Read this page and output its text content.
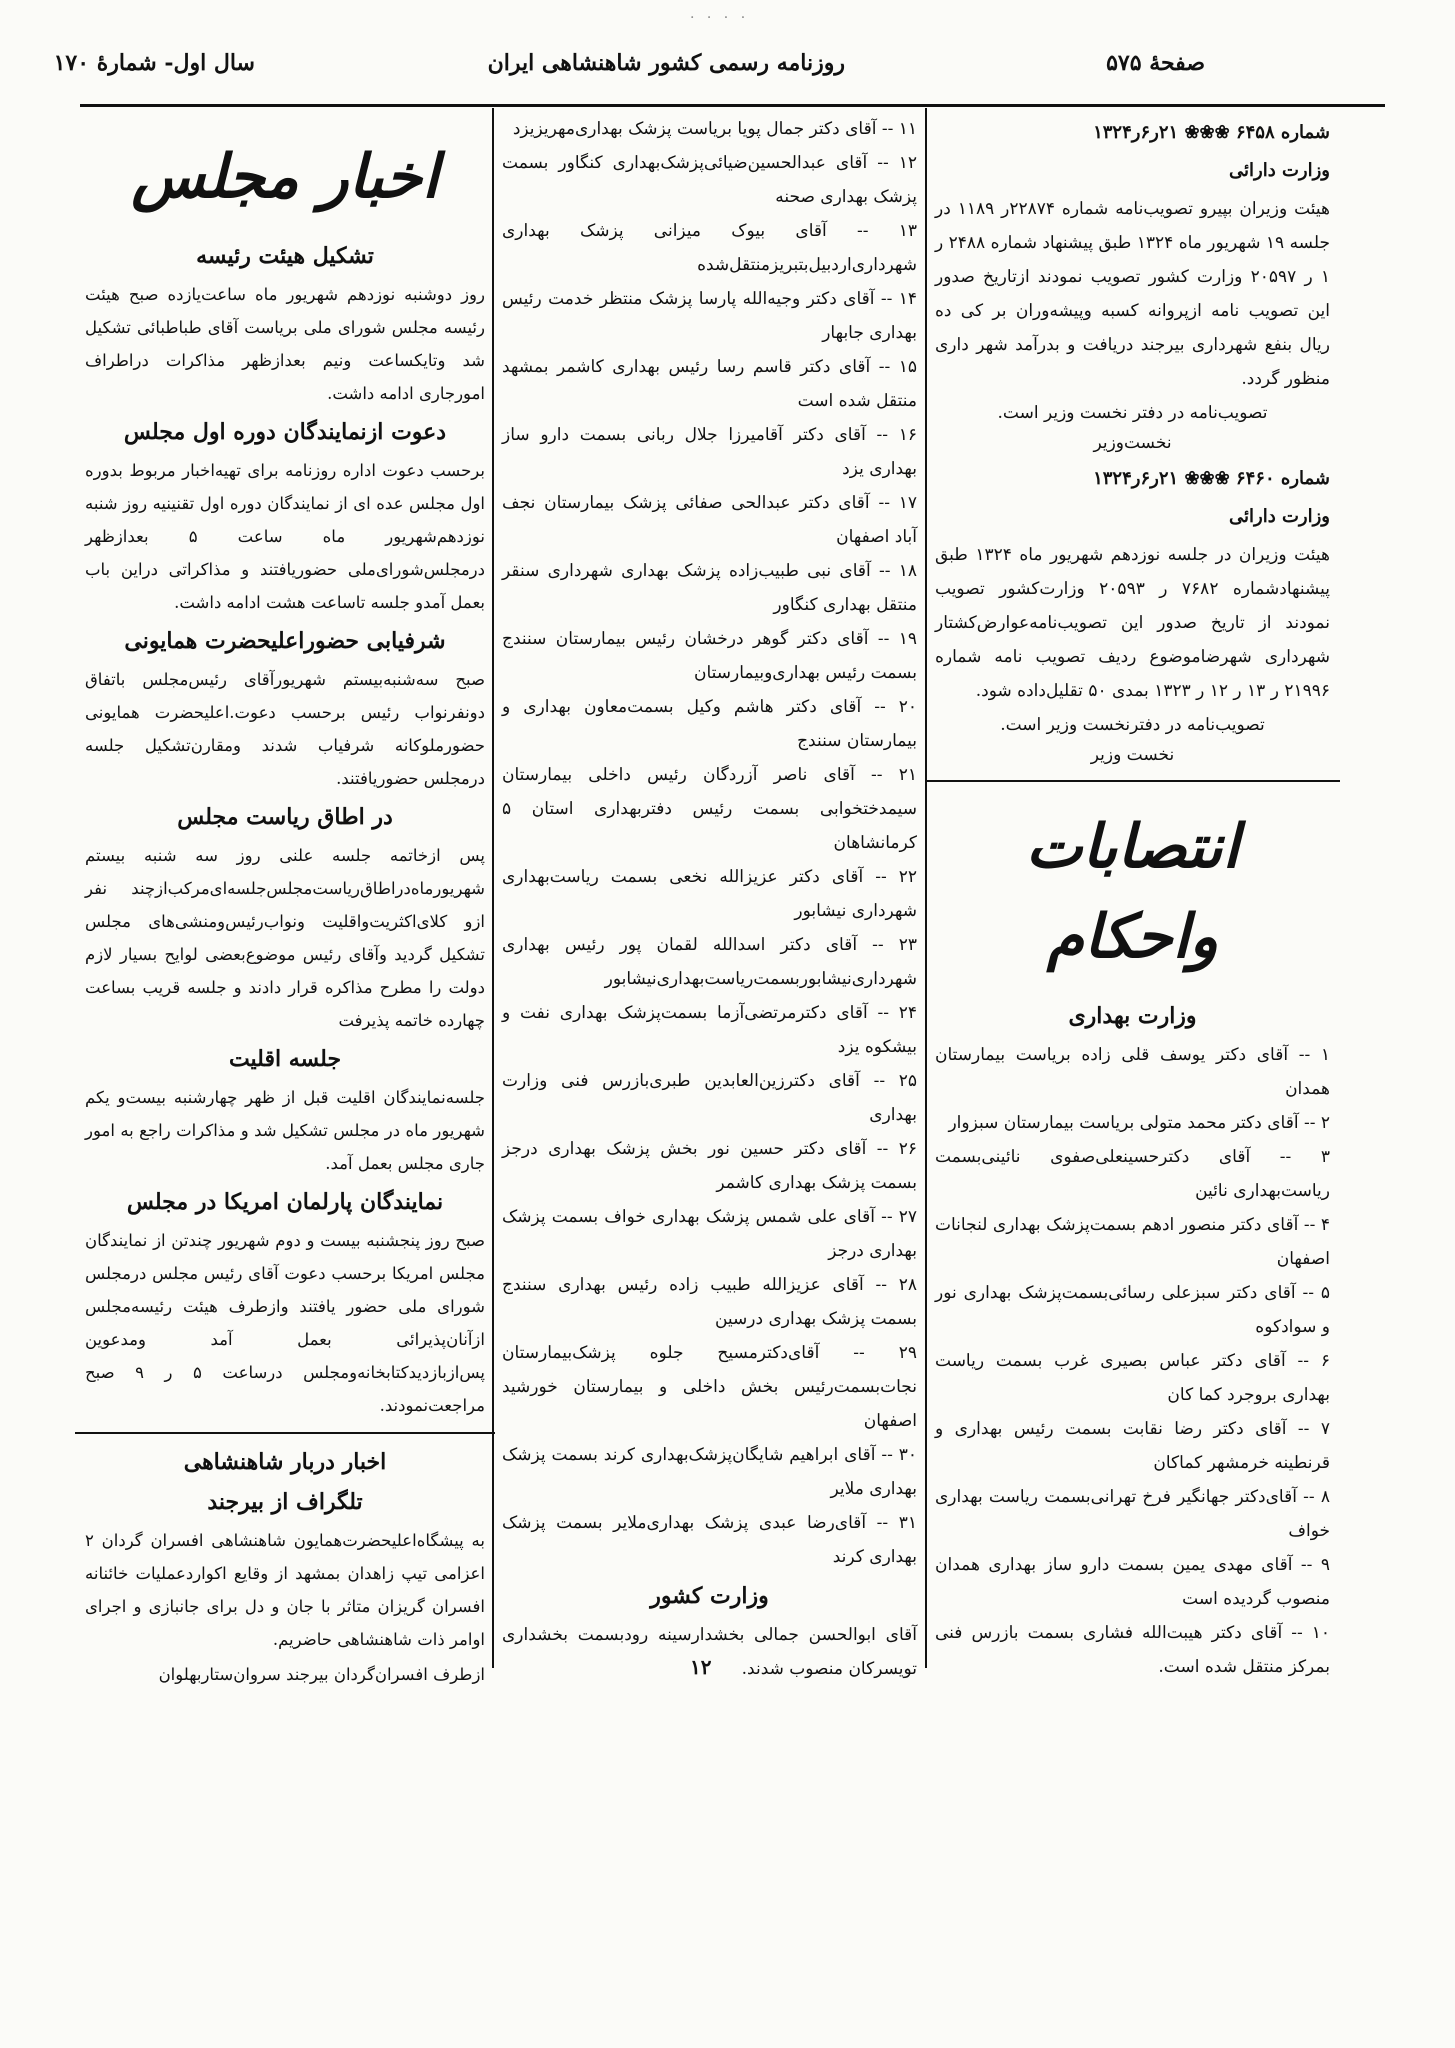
· · · ·
صفحهٔ ۵۷۵
روزنامه رسمی کشور شاهنشاهی ایران
سال اول- شمارهٔ ۱۷۰
شماره ۶۴۵۸ ❀❀❀ ۲۱ر۶ر۱۳۲۴
وزارت دارائی

هیئت وزیران بپیرو تصویب‌نامه شماره ۲۲۸۷۴ر ۱۱۸۹ در جلسه ۱۹ شهریور ماه ۱۳۲۴ طبق پیشنهاد شماره ۲۴۸۸ ر ۱ ر ۲۰۵۹۷ وزارت کشور تصویب نمودند ازتاریخ صدور این تصویب نامه ازپروانه کسبه وپیشه‌وران بر کی ده ریال بنفع شهرداری بیرجند دریافت و بدرآمد شهر داری منظور گردد.

تصویب‌نامه در دفتر نخست وزیر است.
نخست‌وزیر
شماره ۶۴۶۰ ❀❀❀ ۲۱ر۶ر۱۳۲۴
وزارت دارائی

هیئت وزیران در جلسه نوزدهم شهریور ماه ۱۳۲۴ طبق پیشنهادشماره ۷۶۸۲ ر ۲۰۵۹۳ وزارت‌کشور تصویب نمودند از تاریخ صدور این تصویب‌نامه‌عوارض‌کشتار شهرداری شهرضاموضوع ردیف تصویب نامه شماره ۲۱۹۹۶ ر ۱۳ ر ۱۲ ر ۱۳۲۳ بمدی ۵۰ تقلیل‌داده شود.

تصویب‌نامه در دفترنخست وزیر است.
نخست وزیر
انتصابات واحکام
وزارت بهداری

۱ -- آقای دکتر یوسف قلی زاده بریاست بیمارستان همدان

۲ -- آقای دکتر محمد متولی بریاست بیمارستان سبزوار

۳ -- آقای دکترحسینعلی‌صفوی نائینی‌بسمت ریاست‌بهداری نائین

۴ -- آقای دکتر منصور ادهم بسمت‌پزشک بهداری لنجانات اصفهان

۵ -- آقای دکتر سبزعلی رسائی‌بسمت‌پزشک بهداری نور و سوادکوه

۶ -- آقای دکتر عباس بصیری غرب بسمت ریاست بهداری بروجرد کما کان

۷ -- آقای دکتر رضا نقابت بسمت رئیس بهداری و قرنطینه خرمشهر کماکان

۸ -- آقای‌دکتر جهانگیر فرخ تهرانی‌بسمت ریاست بهداری خواف

۹ -- آقای مهدی یمین بسمت دارو ساز بهداری همدان منصوب گردیده است

۱۰ -- آقای دکتر هیبت‌الله فشاری بسمت بازرس فنی بمرکز منتقل شده است.

۱۱ -- آقای دکتر جمال پویا بریاست پزشک بهداری‌مهریزیزد

۱۲ -- آقای عبدالحسین‌ضیائی‌پزشک‌بهداری کنگاور بسمت پزشک بهداری صحنه

۱۳ -- آقای بیوک میزانی پزشک بهداری شهرداری‌اردبیل‌بتبریز‌منتقل‌شده

۱۴ -- آقای دکتر وجیه‌الله پارسا پزشک منتظر خدمت رئیس بهداری جابهار

۱۵ -- آقای دکتر قاسم رسا رئیس بهداری کاشمر بمشهد منتقل شده است

۱۶ -- آقای دکتر آقامیرزا جلال ربانی بسمت دارو ساز بهداری یزد

۱۷ -- آقای دکتر عبدالحی صفائی پزشک بیمارستان نجف آباد اصفهان

۱۸ -- آقای نبی طبیب‌زاده پزشک بهداری شهرداری سنقر منتقل بهداری کنگاور

۱۹ -- آقای دکتر گوهر درخشان رئیس بیمارستان سنندج بسمت رئیس بهداری‌وبیمارستان

۲۰ -- آقای دکتر هاشم وکیل بسمت‌معاون بهداری و بیمارستان سنندج

۲۱ -- آقای ناصر آزردگان رئیس داخلی بیمارستان سیمدختخوابی بسمت رئیس دفتربهداری استان ۵ کرمانشاهان

۲۲ -- آقای دکتر عزیزالله نخعی بسمت ریاست‌بهداری شهرداری نیشابور

۲۳ -- آقای دکتر اسدالله لقمان پور رئیس بهداری شهرداری‌نیشابوربسمت‌ریاست‌بهداری‌نیشابور

۲۴ -- آقای دکترمرتضی‌آزما بسمت‌پزشک بهداری نفت و بیشکوه یزد

۲۵ -- آقای دکترزین‌العابدین طبری‌بازرس فنی وزارت بهداری

۲۶ -- آقای دکتر حسین نور بخش پزشک بهداری درجز بسمت پزشک بهداری کاشمر

۲۷ -- آقای علی شمس پزشک بهداری خواف بسمت پزشک بهداری درجز

۲۸ -- آقای عزیزالله طبیب زاده رئیس بهداری سنندج بسمت پزشک بهداری درسین

۲۹ -- آقای‌دکترمسیح جلوه پزشک‌بیمارستان نجات‌بسمت‌رئیس بخش داخلی و بیمارستان خورشید اصفهان

۳۰ -- آقای ابراهیم شایگان‌پزشک‌بهداری کرند بسمت پزشک بهداری ملایر

۳۱ -- آقای‌رضا عبدی پزشک بهداری‌ملایر بسمت پزشک بهداری کرند

وزارت کشور

آقای ابوالحسن جمالی بخشدارسینه رودبسمت بخشداری تویسرکان منصوب شدند.

اخبار مجلس
تشکیل هیئت رئیسه

روز دوشنبه نوزدهم شهریور ماه ساعت‌یازده صبح هیئت رئیسه مجلس شورای ملی بریاست آقای طباطبائی تشکیل شد وتایکساعت ونیم بعدازظهر مذاکرات دراطراف امورجاری ادامه داشت.

دعوت ازنمایندگان دوره اول مجلس

برحسب دعوت اداره روزنامه برای تهیه‌اخبار مربوط بدوره اول مجلس عده ای از نمایندگان دوره اول تقنینیه روز شنبه نوزدهم‌شهریور ماه ساعت ۵ بعدازظهر درمجلس‌شورای‌ملی حضوریافتند و مذاکراتی دراین باب بعمل آمدو جلسه تاساعت هشت ادامه داشت.

شرفیابی حضوراعلیحضرت همایونی

صبح سه‌شنبه‌بیستم شهریورآقای رئیس‌مجلس باتفاق دونفرنواب رئیس برحسب دعوت.اعلیحضرت همایونی حضورملوکانه شرفیاب شدند ومقارن‌تشکیل جلسه درمجلس حضوریافتند.

در اطاق ریاست مجلس

پس ازخاتمه جلسه علنی روز سه شنبه بیستم شهریورماه‌دراطاق‌ریاست‌مجلس‌جلسه‌ای‌مرکب‌ازچند نفر ازو کلای‌اکثریت‌واقلیت ونواب‌رئیس‌ومنشی‌های مجلس تشکیل گردید وآقای رئیس موضوع‌بعضی لوایح بسیار لازم دولت را مطرح مذاکره قرار دادند و جلسه قریب بساعت چهارده خاتمه پذیرفت

جلسه اقلیت

جلسه‌نمایندگان اقلیت قبل از ظهر چهارشنبه بیست‌و یکم شهریور ماه در مجلس تشکیل شد و مذاکرات راجع به امور جاری مجلس بعمل آمد.

نمایندگان پارلمان امریکا در مجلس

صبح روز پنجشنبه بیست و دوم شهریور چندتن از نمایندگان مجلس امریکا برحسب دعوت آقای رئیس مجلس درمجلس شورای ملی حضور یافتند وازطرف هیئت رئیسه‌مجلس ازآنان‌پذیرائی بعمل آمد ومدعوین پس‌ازبازدید‌کتابخانه‌ومجلس درساعت ۵ ‌ر ۹ صبح مراجعت‌نمودند.

اخبار دربار شاهنشاهی
تلگراف از بیرجند

به پیشگاه‌اعلیحضرت‌همایون شاهنشاهی افسران گردان ۲ اعزامی تیپ زاهدان بمشهد از وقایع اکواردعملیات خائنانه افسران گریزان متاثر با جان و دل برای جانبازی و اجرای اوامر ذات شاهنشاهی حاضریم.

ازطرف افسران‌گردان بیرجند سروان‌ستاربهلوان	۱۲
